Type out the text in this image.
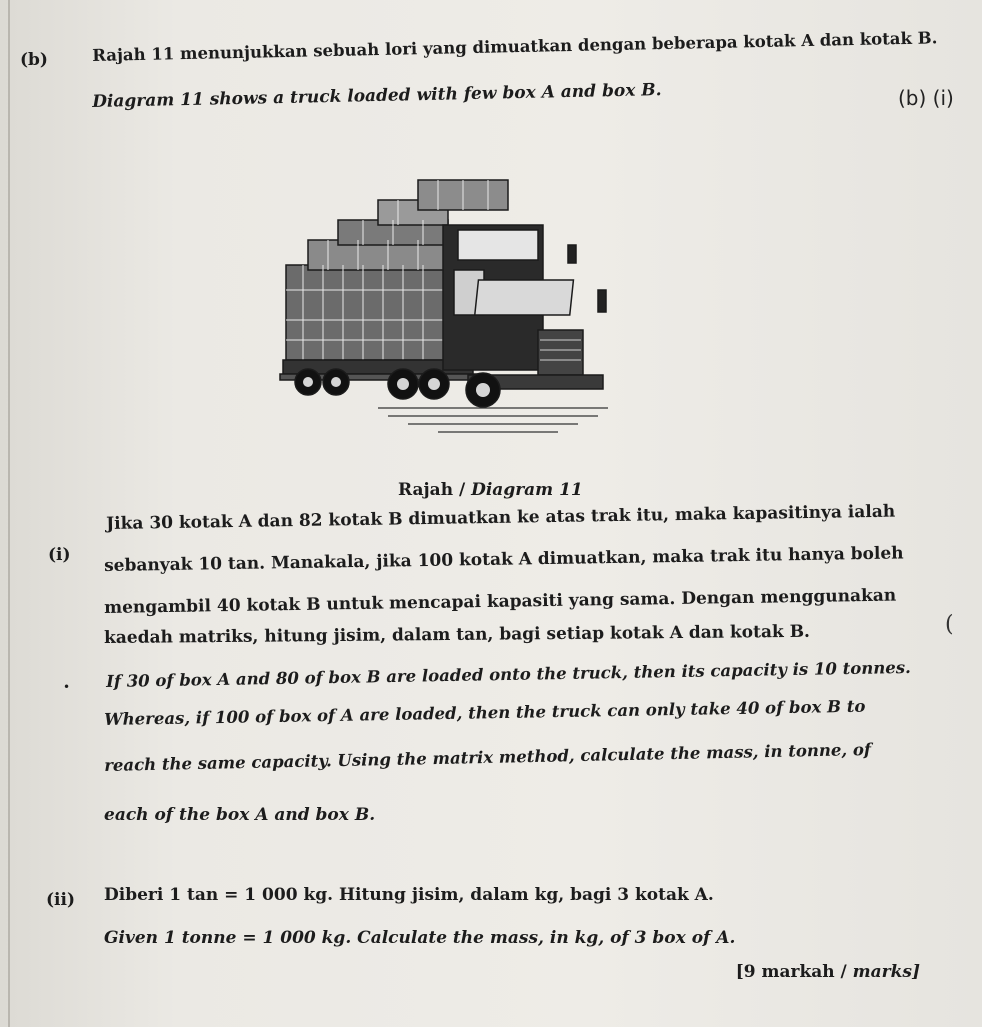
(b)	Rajah 11 menunjukkan sebuah lori yang dimuatkan dengan beberapa kotak A dan kotak B.
Diagram 11 shows a truck loaded with few box A and box B.	(b) (i)
Rajah / Diagram 11
(i)
Jika 30 kotak A dan 82 kotak B dimuatkan ke atas trak itu, maka kapasitinya ialah
sebanyak 10 tan. Manakala, jika 100 kotak A dimuatkan, maka trak itu hanya boleh
mengambil 40 kotak B untuk mencapai kapasiti yang sama. Dengan menggunakan
kaedah matriks, hitung jisim, dalam tan, bagi setiap kotak A dan kotak B.
•
(
If 30 of box A and 80 of box B are loaded onto the truck, then its capacity is 10 tonnes.
Whereas, if 100 of box of A are loaded, then the truck can only take 40 of box B to
reach the same capacity. Using the matrix method, calculate the mass, in tonne, of
each of the box A and box B.
(ii) Diberi 1 tan = 1 000 kg. Hitung jisim, dalam kg, bagi 3 kotak A.
Given 1 tonne = 1 000 kg. Calculate the mass, in kg, of 3 box of A.
[9 markah / marks]
